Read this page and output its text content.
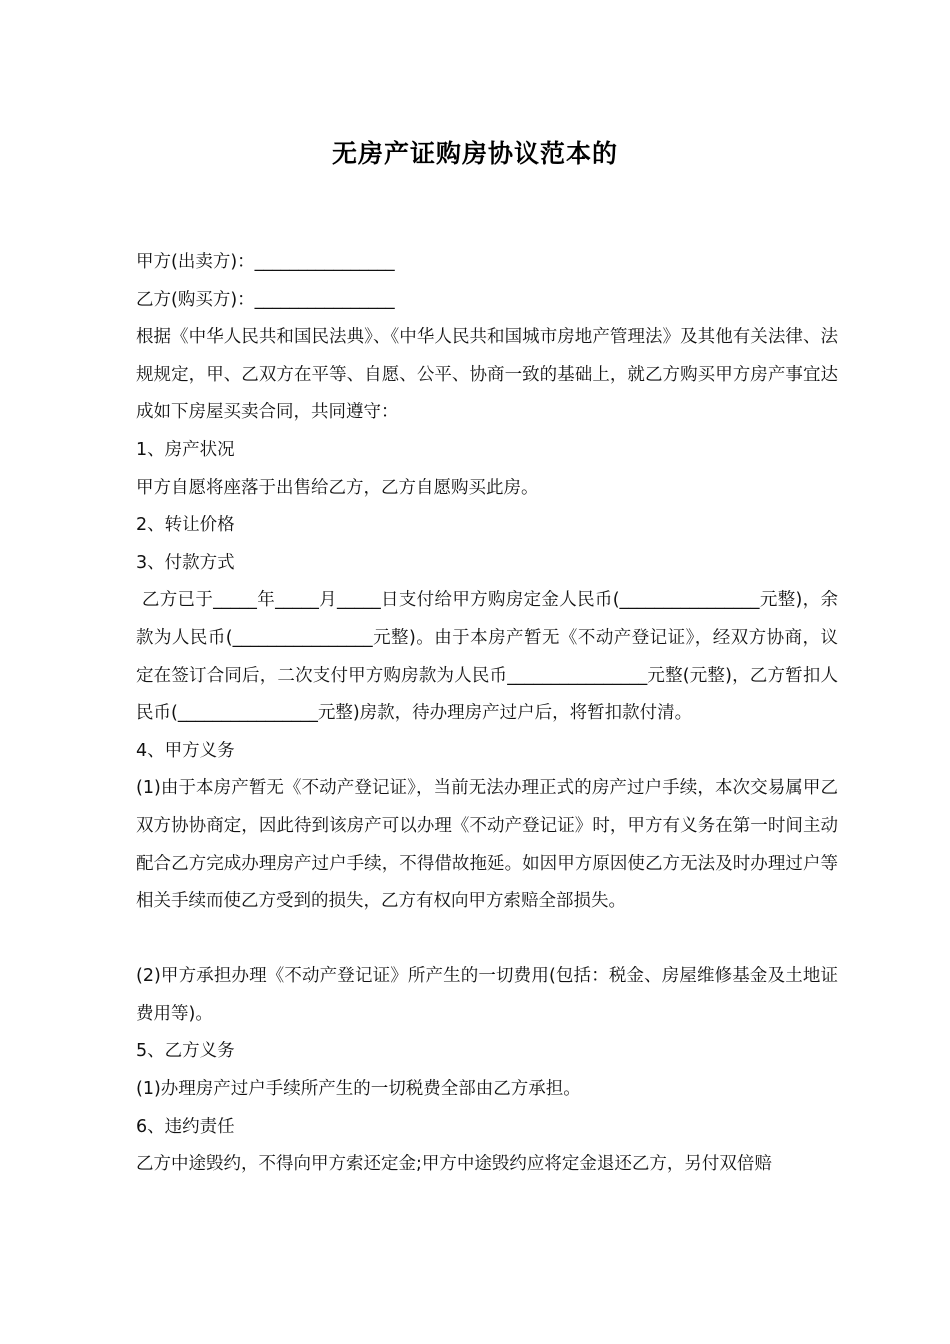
无房产证购房协议范本的

甲方(出卖方)：________________

乙方(购买方)：________________

根据《中华人民共和国民法典》、《中华人民共和国城市房地产管理法》及其他有关法律、法规规定，甲、乙双方在平等、自愿、公平、协商一致的基础上，就乙方购买甲方房产事宜达成如下房屋买卖合同，共同遵守：

1、房产状况

甲方自愿将座落于出售给乙方，乙方自愿购买此房。

2、转让价格

3、付款方式

乙方已于_____年_____月_____日支付给甲方购房定金人民币(________________元整)，余款为人民币(________________元整)。由于本房产暂无《不动产登记证》，经双方协商，议定在签订合同后，二次支付甲方购房款为人民币________________元整(元整)，乙方暂扣人民币(________________元整)房款，待办理房产过户后，将暂扣款付清。

4、甲方义务

(1)由于本房产暂无《不动产登记证》，当前无法办理正式的房产过户手续，本次交易属甲乙双方协协商定，因此待到该房产可以办理《不动产登记证》时，甲方有义务在第一时间主动配合乙方完成办理房产过户手续，不得借故拖延。如因甲方原因使乙方无法及时办理过户等相关手续而使乙方受到的损失，乙方有权向甲方索赔全部损失。

(2)甲方承担办理《不动产登记证》所产生的一切费用(包括：税金、房屋维修基金及土地证费用等)。

5、乙方义务

(1)办理房产过户手续所产生的一切税费全部由乙方承担。

6、违约责任

乙方中途毁约，不得向甲方索还定金;甲方中途毁约应将定金退还乙方，另付双倍赔
